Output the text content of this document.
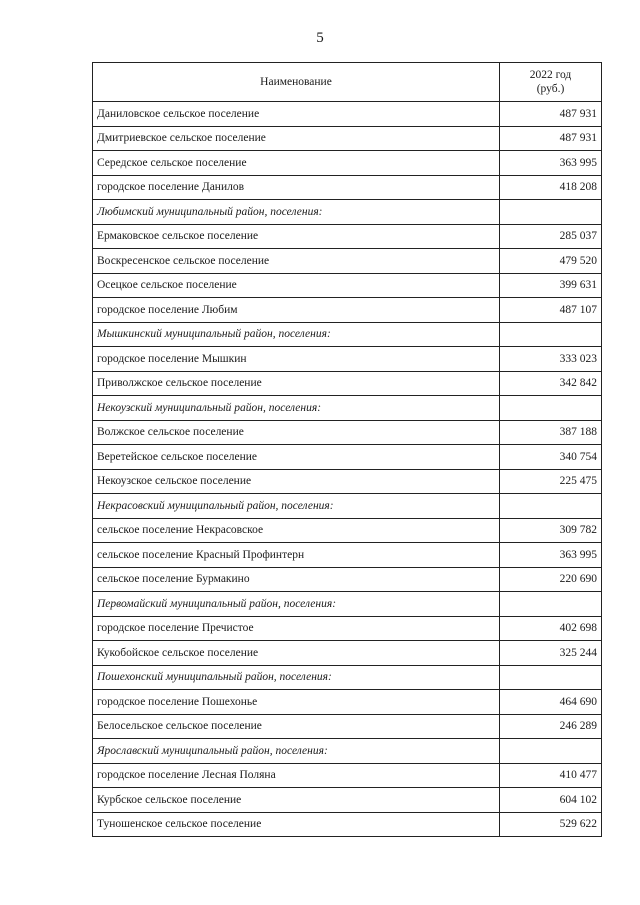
5
Наименование	2022 год
(руб.)
Даниловское сельское поселение	487 931
Дмитриевское сельское поселение	487 931
Середское сельское поселение	363 995
городское поселение Данилов	418 208
Любимский муниципальный район, поселения:	
Ермаковское сельское поселение	285 037
Воскресенское сельское поселение	479 520
Осецкое сельское поселение	399 631
городское поселение Любим	487 107
Мышкинский муниципальный район, поселения:	
городское поселение Мышкин	333 023
Приволжское сельское поселение	342 842
Некоузский муниципальный район, поселения:	
Волжское сельское поселение	387 188
Веретейское сельское поселение	340 754
Некоузское сельское поселение	225 475
Некрасовский муниципальный район, поселения:	
сельское поселение Некрасовское	309 782
сельское поселение Красный Профинтерн	363 995
сельское поселение Бурмакино	220 690
Первомайский муниципальный район, поселения:	
городское поселение Пречистое	402 698
Кукобойское сельское поселение	325 244
Пошехонский муниципальный район, поселения:	
городское поселение Пошехонье	464 690
Белосельское сельское поселение	246 289
Ярославский муниципальный район, поселения:	
городское поселение Лесная Поляна	410 477
Курбское сельское поселение	604 102
Туношенское сельское поселение	529 622
